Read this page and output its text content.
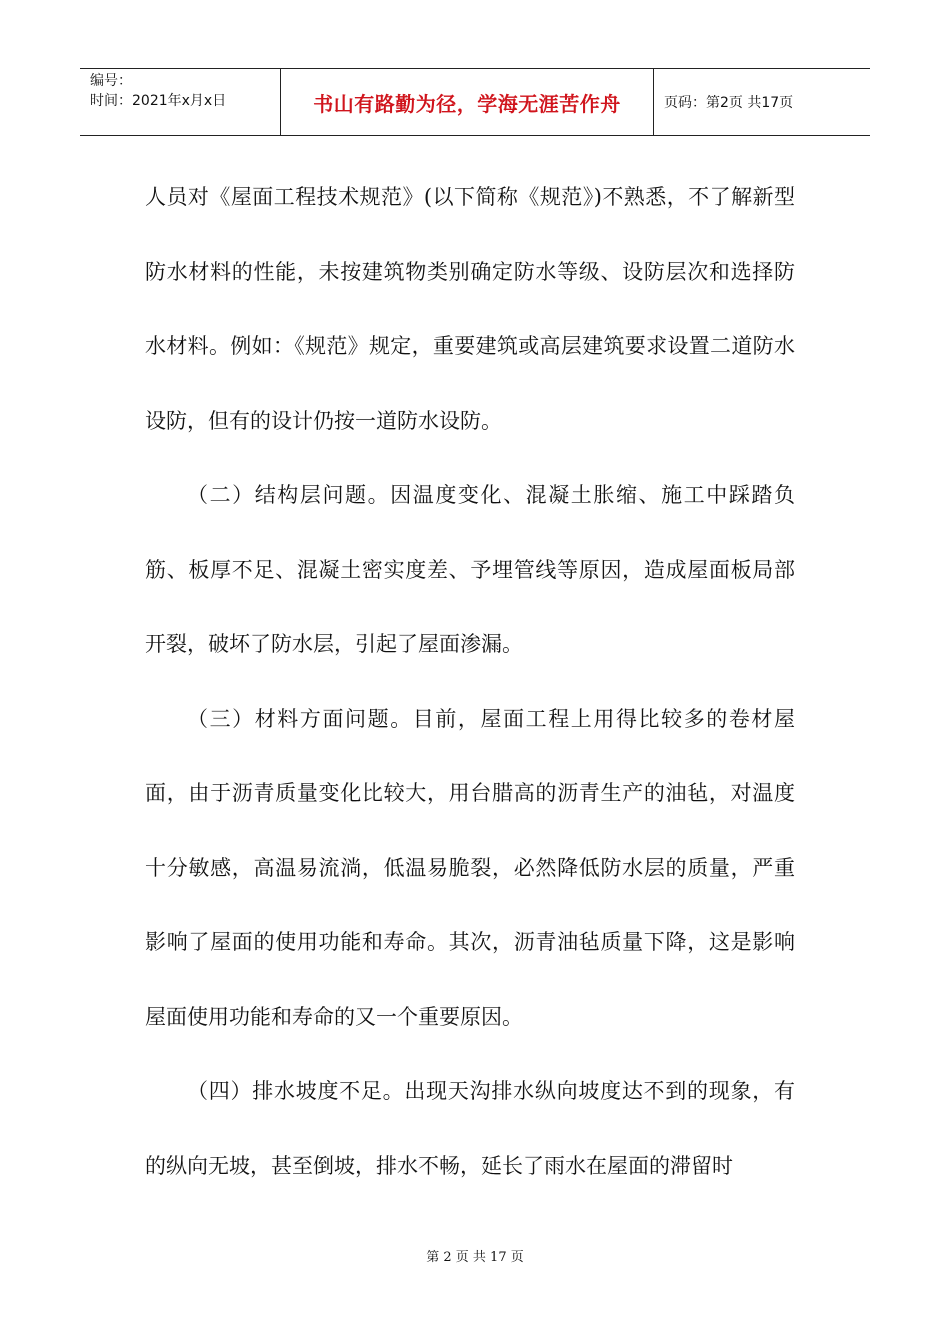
编号：
时间：2021年x月x日	书山有路勤为径，学海无涯苦作舟	页码：第2页 共17页

人员对《屋面工程技术规范》(以下简称《规范》)不熟悉，不了解新型防水材料的性能，未按建筑物类别确定防水等级、设防层次和选择防水材料。例如：《规范》规定，重要建筑或高层建筑要求设置二道防水设防，但有的设计仍按一道防水设防。

（二）结构层问题。因温度变化、混凝土胀缩、施工中踩踏负筋、板厚不足、混凝土密实度差、予埋管线等原因，造成屋面板局部开裂，破坏了防水层，引起了屋面渗漏。

（三）材料方面问题。目前，屋面工程上用得比较多的卷材屋面，由于沥青质量变化比较大，用台腊高的沥青生产的油毡，对温度十分敏感，高温易流淌，低温易脆裂，必然降低防水层的质量，严重影响了屋面的使用功能和寿命。其次，沥青油毡质量下降，这是影响屋面使用功能和寿命的又一个重要原因。

（四）排水坡度不足。出现天沟排水纵向坡度达不到的现象，有的纵向无坡，甚至倒坡，排水不畅，延长了雨水在屋面的滞留时

第 2 页 共 17 页
